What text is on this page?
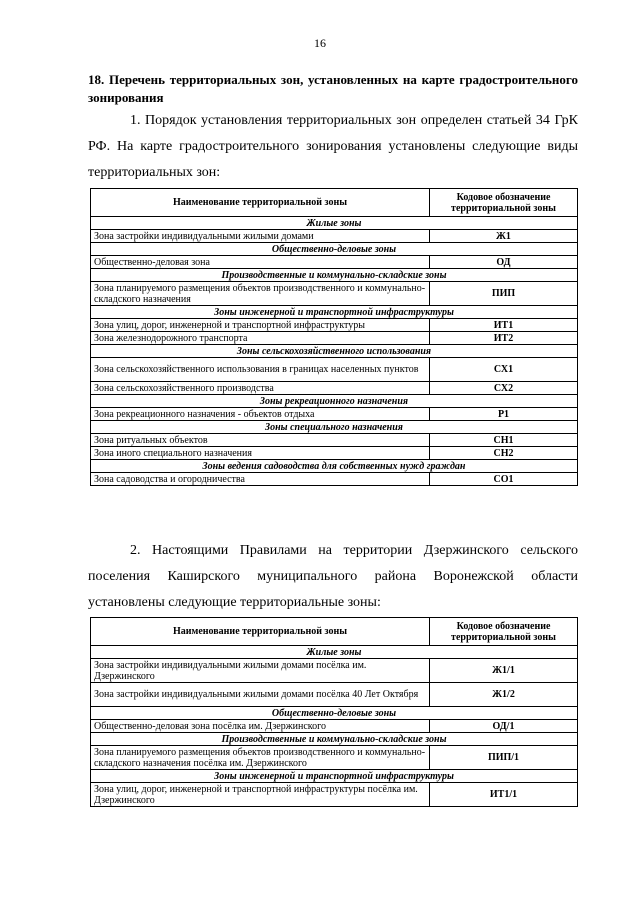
16
18. Перечень территориальных зон, установленных на карте градостроительного зонирования
1. Порядок установления территориальных зон определен статьей 34 ГрК РФ. На карте градостроительного зонирования установлены следующие виды территориальных зон:
Наименование территориальной зоны	Кодовое обозначение территориальной зоны
Жилые зоны	
Зона застройки индивидуальными жилыми домами	Ж1
Общественно-деловые зоны	
Общественно-деловая зона	ОД
Производственные и коммунально-складские зоны	
Зона планируемого размещения объектов производственного и коммунально-складского назначения	ПИП
Зоны инженерной и транспортной инфраструктуры	
Зона улиц, дорог, инженерной и транспортной инфраструктуры	ИТ1
Зона железнодорожного транспорта	ИТ2
Зоны сельскохозяйственного использования	
Зона сельскохозяйственного использования в границах населенных пунктов	СХ1
Зона сельскохозяйственного производства	СХ2
Зоны рекреационного назначения	
Зона рекреационного назначения - объектов отдыха	Р1
Зоны специального назначения	
Зона ритуальных объектов	СН1
Зона иного специального назначения	СН2
Зоны ведения садоводства для собственных нужд граждан	
Зона садоводства и огородничества	СО1
2. Настоящими Правилами на территории Дзержинского сельского поселения Каширского муниципального района Воронежской области установлены следующие территориальные зоны:
Наименование территориальной зоны	Кодовое обозначение территориальной зоны
Жилые зоны	
Зона застройки индивидуальными жилыми домами посёлка им. Дзержинского	Ж1/1
Зона застройки индивидуальными жилыми домами посёлка 40 Лет Октября	Ж1/2
Общественно-деловые зоны	
Общественно-деловая зона посёлка им. Дзержинского	ОД/1
Производственные и коммунально-складские зоны	
Зона планируемого размещения объектов производственного и коммунально-складского назначения посёлка им. Дзержинского	ПИП/1
Зоны инженерной и транспортной инфраструктуры	
Зона улиц, дорог, инженерной и транспортной инфраструктуры посёлка им. Дзержинского	ИТ1/1
